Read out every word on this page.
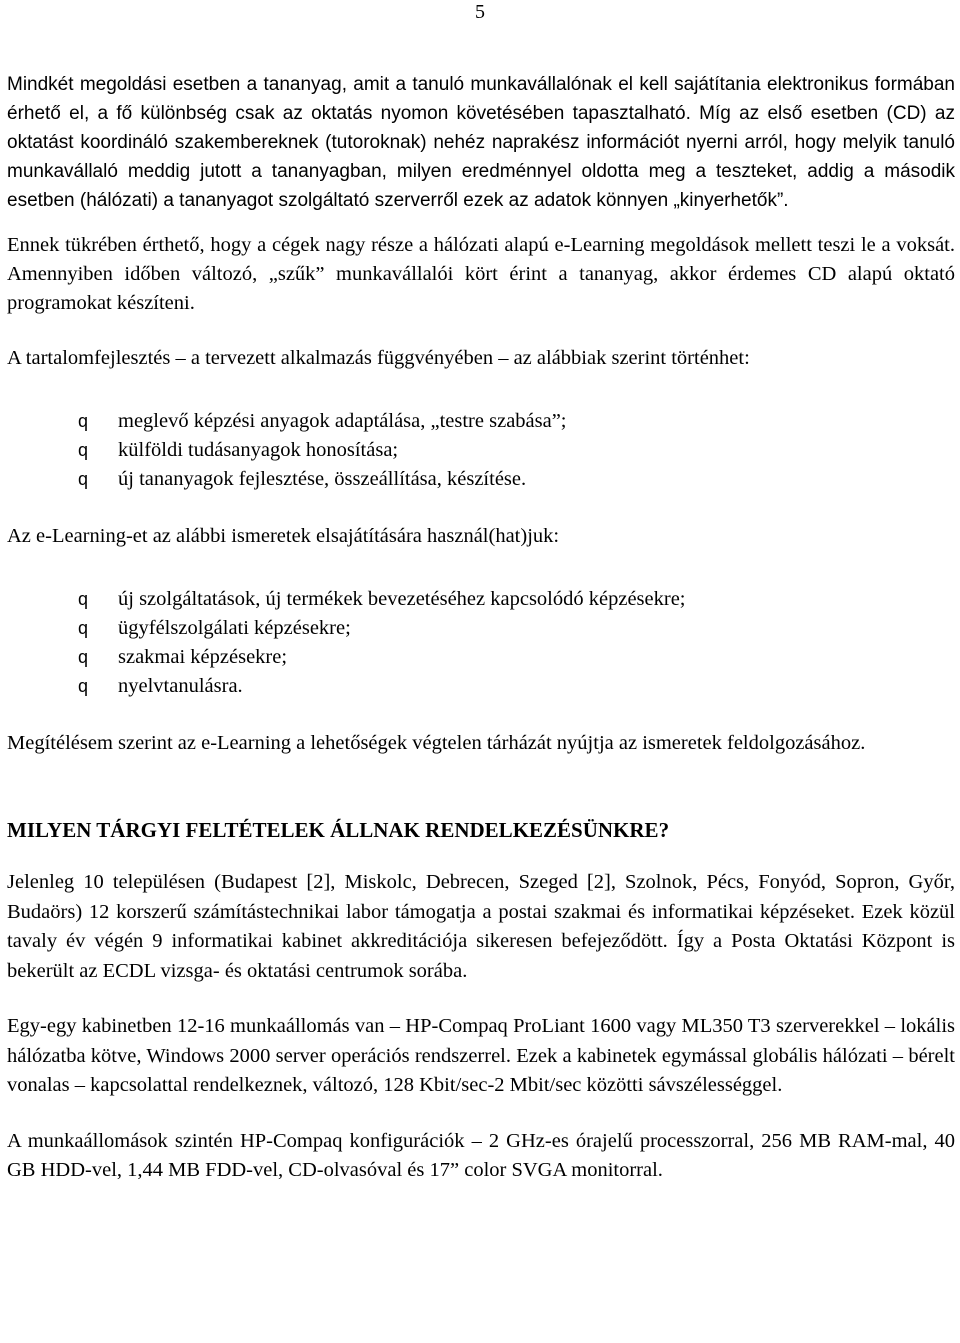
5

Mindkét megoldási esetben a tananyag, amit a tanuló munkavállalónak el kell sajátítania elektronikus formában érhető el, a fő különbség csak az oktatás nyomon követésében tapasztalható. Míg az első esetben (CD) az oktatást koordináló szakembereknek (tutoroknak) nehéz naprakész információt nyerni arról, hogy melyik tanuló munkavállaló meddig jutott a tananyagban, milyen eredménnyel oldotta meg a teszteket, addig a második esetben (hálózati) a tananyagot szolgáltató szerverről ezek az adatok könnyen „kinyerhetők”.

Ennek tükrében érthető, hogy a cégek nagy része a hálózati alapú e-Learning megoldások mellett teszi le a voksát. Amennyiben időben változó, „szűk” munkavállalói kört érint a tananyag, akkor érdemes CD alapú oktató programokat készíteni.

A tartalomfejlesztés – a tervezett alkalmazás függvényében – az alábbiak szerint történhet:

q meglevő képzési anyagok adaptálása, „testre szabása”;
q külföldi tudásanyagok honosítása;
q új tananyagok fejlesztése, összeállítása, készítése.

Az e-Learning-et az alábbi ismeretek elsajátítására használ(hat)juk:

q új szolgáltatások, új termékek bevezetéséhez kapcsolódó képzésekre;
q ügyfélszolgálati képzésekre;
q szakmai képzésekre;
q nyelvtanulásra.

Megítélésem szerint az e-Learning a lehetőségek végtelen tárházát nyújtja az ismeretek feldolgozásához.

MILYEN TÁRGYI FELTÉTELEK ÁLLNAK RENDELKEZÉSÜNKRE?

Jelenleg 10 településen (Budapest [2], Miskolc, Debrecen, Szeged [2], Szolnok, Pécs, Fonyód, Sopron, Győr, Budaörs) 12 korszerű számítástechnikai labor támogatja a postai szakmai és informatikai képzéseket. Ezek közül tavaly év végén 9 informatikai kabinet akkreditációja sikeresen befejeződött. Így a Posta Oktatási Központ is bekerült az ECDL vizsga- és oktatási centrumok sorába.

Egy-egy kabinetben 12-16 munkaállomás van – HP-Compaq ProLiant 1600 vagy ML350 T3 szerverekkel – lokális hálózatba kötve, Windows 2000 server operációs rendszerrel. Ezek a kabinetek egymással globális hálózati – bérelt vonalas – kapcsolattal rendelkeznek, változó, 128 Kbit/sec-2 Mbit/sec közötti sávszélességgel.

A munkaállomások szintén HP-Compaq konfigurációk – 2 GHz-es órajelű processzorral, 256 MB RAM-mal, 40 GB HDD-vel, 1,44 MB FDD-vel, CD-olvasóval és 17” color SVGA monitorral.
